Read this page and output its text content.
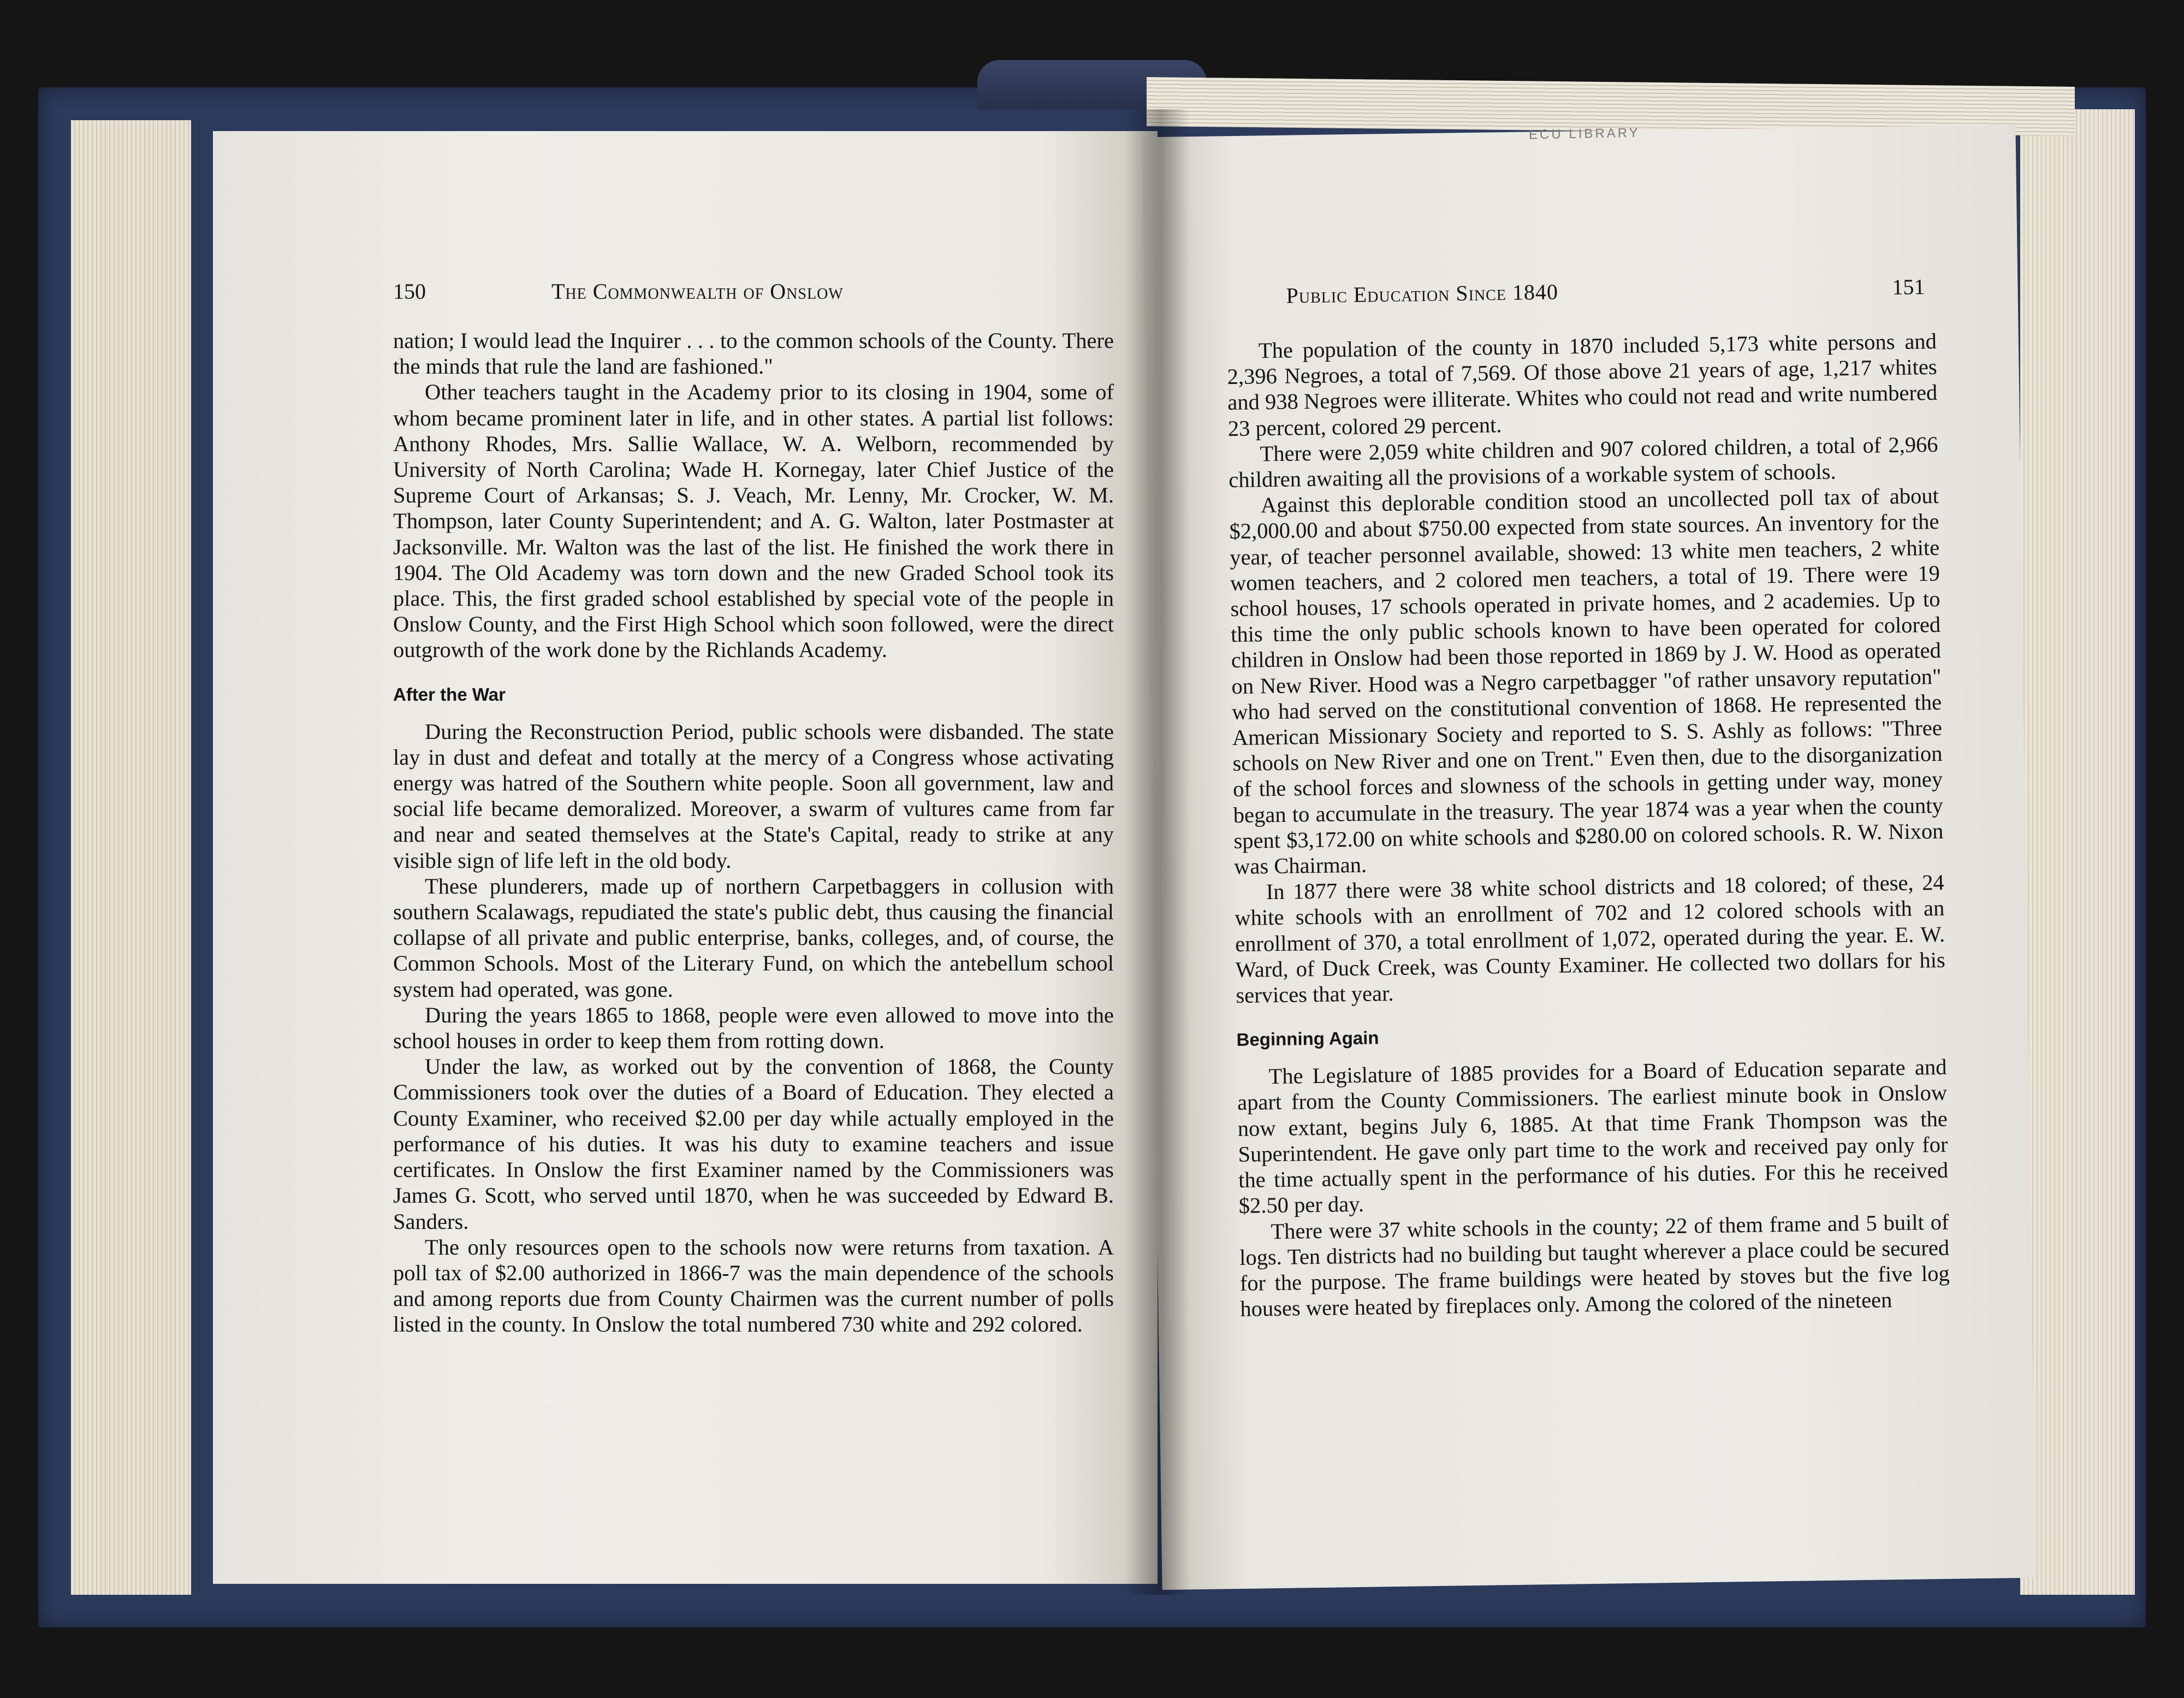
150	The Commonwealth of Onslow

nation; I would lead the Inquirer . . . to the common schools of the County. There the minds that rule the land are fashioned."

Other teachers taught in the Academy prior to its closing in 1904, some of whom became prominent later in life, and in other states. A partial list follows: Anthony Rhodes, Mrs. Sallie Wallace, W. A. Welborn, recommended by University of North Carolina; Wade H. Kornegay, later Chief Justice of the Supreme Court of Arkansas; S. J. Veach, Mr. Lenny, Mr. Crocker, W. M. Thompson, later County Superintendent; and A. G. Walton, later Postmaster at Jacksonville. Mr. Walton was the last of the list. He finished the work there in 1904. The Old Academy was torn down and the new Graded School took its place. This, the first graded school established by special vote of the people in Onslow County, and the First High School which soon followed, were the direct outgrowth of the work done by the Richlands Academy.

After the War

During the Reconstruction Period, public schools were disbanded. The state lay in dust and defeat and totally at the mercy of a Congress whose activating energy was hatred of the Southern white people. Soon all government, law and social life became demoralized. Moreover, a swarm of vultures came from far and near and seated themselves at the State's Capital, ready to strike at any visible sign of life left in the old body.

These plunderers, made up of northern Carpetbaggers in collusion with southern Scalawags, repudiated the state's public debt, thus causing the financial collapse of all private and public enterprise, banks, colleges, and, of course, the Common Schools. Most of the Literary Fund, on which the antebellum school system had operated, was gone.

During the years 1865 to 1868, people were even allowed to move into the school houses in order to keep them from rotting down.

Under the law, as worked out by the convention of 1868, the County Commissioners took over the duties of a Board of Education. They elected a County Examiner, who received $2.00 per day while actually employed in the performance of his duties. It was his duty to examine teachers and issue certificates. In Onslow the first Examiner named by the Commissioners was James G. Scott, who served until 1870, when he was succeeded by Edward B. Sanders.

The only resources open to the schools now were returns from taxation. A poll tax of $2.00 authorized in 1866-7 was the main dependence of the schools and among reports due from County Chairmen was the current number of polls listed in the county. In Onslow the total numbered 730 white and 292 colored.

Public Education Since 1840	151

The population of the county in 1870 included 5,173 white persons and 2,396 Negroes, a total of 7,569. Of those above 21 years of age, 1,217 whites and 938 Negroes were illiterate. Whites who could not read and write numbered 23 percent, colored 29 percent.

There were 2,059 white children and 907 colored children, a total of 2,966 children awaiting all the provisions of a workable system of schools.

Against this deplorable condition stood an uncollected poll tax of about $2,000.00 and about $750.00 expected from state sources. An inventory for the year, of teacher personnel available, showed: 13 white men teachers, 2 white women teachers, and 2 colored men teachers, a total of 19. There were 19 school houses, 17 schools operated in private homes, and 2 academies. Up to this time the only public schools known to have been operated for colored children in Onslow had been those reported in 1869 by J. W. Hood as operated on New River. Hood was a Negro carpetbagger "of rather unsavory reputation" who had served on the constitutional convention of 1868. He represented the American Missionary Society and reported to S. S. Ashly as follows: "Three schools on New River and one on Trent." Even then, due to the disorganization of the school forces and slowness of the schools in getting under way, money began to accumulate in the treasury. The year 1874 was a year when the county spent $3,172.00 on white schools and $280.00 on colored schools. R. W. Nixon was Chairman.

In 1877 there were 38 white school districts and 18 colored; of these, 24 white schools with an enrollment of 702 and 12 colored schools with an enrollment of 370, a total enrollment of 1,072, operated during the year. E. W. Ward, of Duck Creek, was County Examiner. He collected two dollars for his services that year.

Beginning Again

The Legislature of 1885 provides for a Board of Education separate and apart from the County Commissioners. The earliest minute book in Onslow now extant, begins July 6, 1885. At that time Frank Thompson was the Superintendent. He gave only part time to the work and received pay only for the time actually spent in the performance of his duties. For this he received $2.50 per day.

There were 37 white schools in the county; 22 of them frame and 5 built of logs. Ten districts had no building but taught wherever a place could be secured for the purpose. The frame buildings were heated by stoves but the five log houses were heated by fireplaces only. Among the colored of the nineteen

ECU LIBRARY
